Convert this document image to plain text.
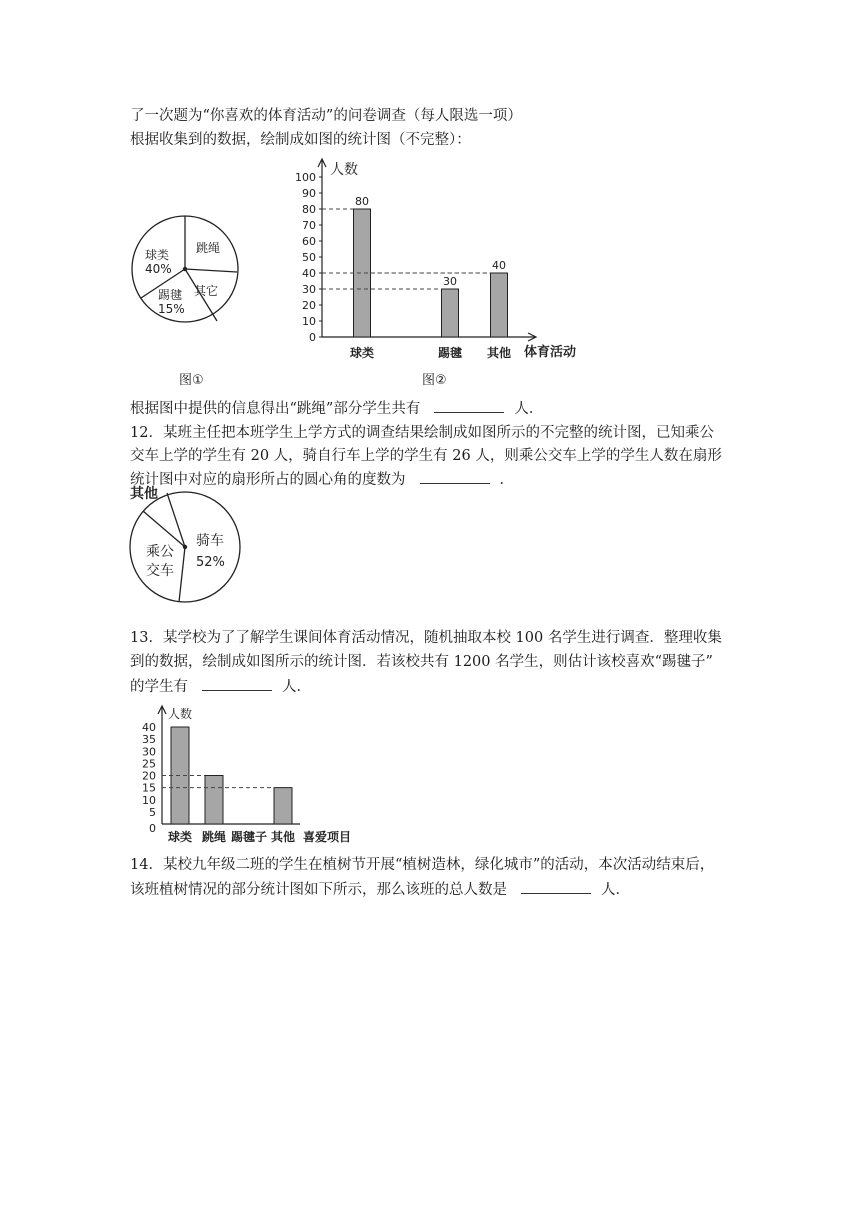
了一次题为“你喜欢的体育活动”的问卷调查（每人限选一项）
根据收集到的数据，绘制成如图的统计图（不完整）：
球类
40%
跳绳
其它
踢毽
15%
图①
人数
体育活动
0
10
20
30
40
50
60
70
80
90
100
80
球类
30
踢毽
40
其他
图②
根据图中提供的信息得出“跳绳”部分学生共有	人．
12．某班主任把本班学生上学方式的调查结果绘制成如图所示的不完整的统计图，已知乘公
交车上学的学生有 20 人，骑自行车上学的学生有 26 人，则乘公交车上学的学生人数在扇形
统计图中对应的扇形所占的圆心角的度数为	．
其他
乘公
交车
骑车
52%
13．某学校为了了解学生课间体育活动情况，随机抽取本校 100 名学生进行调查．整理收集
到的数据，绘制成如图所示的统计图．若该校共有 1200 名学生，则估计该校喜欢“踢毽子”
的学生有	人．
人数
喜爱项目
0
5
10
15
20
25
30
35
40
球类 跳绳 踢毽子 其他
14．某校九年级二班的学生在植树节开展“植树造林，绿化城市”的活动，本次活动结束后，
该班植树情况的部分统计图如下所示，那么该班的总人数是	人．
